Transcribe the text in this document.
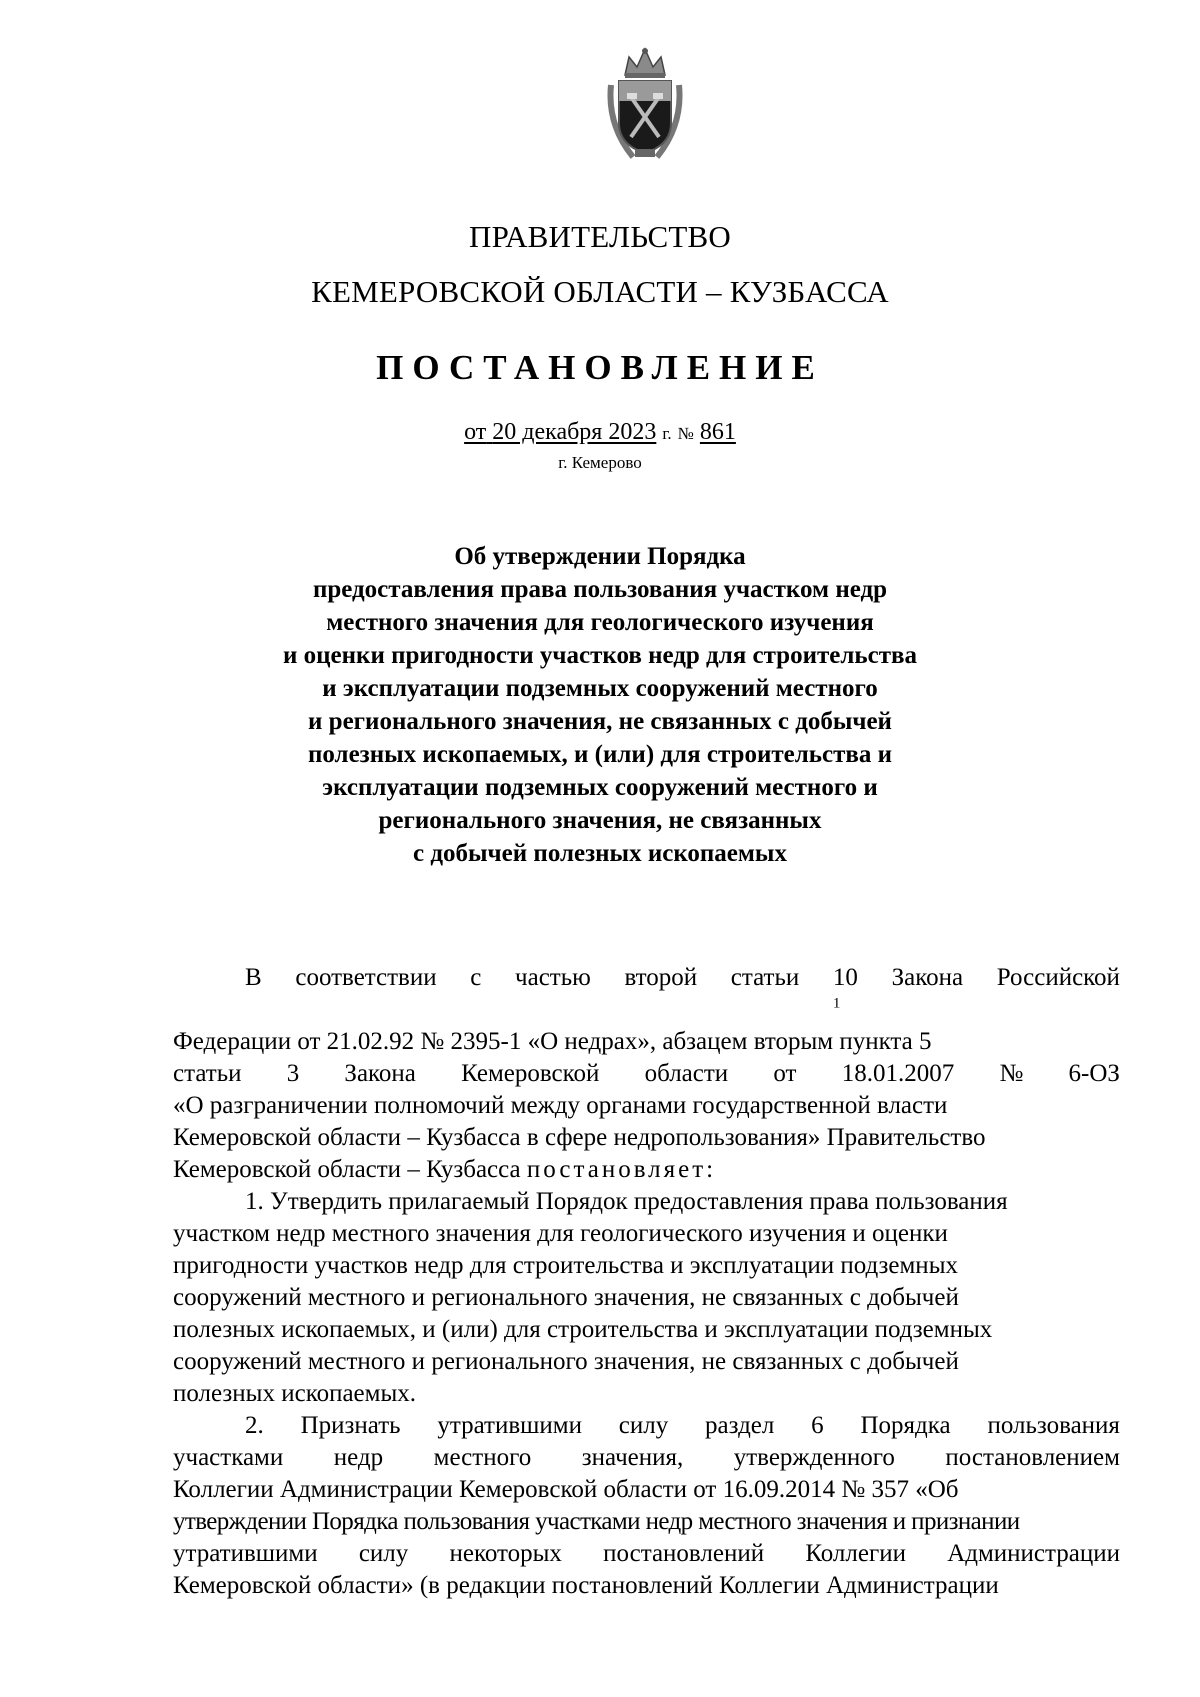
ПРАВИТЕЛЬСТВО
КЕМЕРОВСКОЙ ОБЛАСТИ – КУЗБАССА
ПОСТАНОВЛЕНИЕ
от 20 декабря 2023 г. № 861
г. Кемерово
Об утверждении Порядка
предоставления права пользования участком недр
местного значения для геологического изучения
и оценки пригодности участков недр для строительства
и эксплуатации подземных сооружений местного
и регионального значения, не связанных с добычей
полезных ископаемых, и (или) для строительства и
эксплуатации подземных сооружений местного и
регионального значения, не связанных
с добычей полезных ископаемых
В соответствии с частью второй статьи 10
$^1$
Закона Российской
Федерации от 21.02.92 № 2395-1 «О недрах», абзацем вторым пункта 5
статьи 3 Закона Кемеровской области от 18.01.2007 № 6-ОЗ
«О разграничении полномочий между органами государственной власти
Кемеровской области – Кузбасса в сфере недропользования» Правительство
Кемеровской области – Кузбасса постановляет:
1. Утвердить прилагаемый Порядок предоставления права пользования
участком недр местного значения для геологического изучения и оценки
пригодности участков недр для строительства и эксплуатации подземных
сооружений местного и регионального значения, не связанных с добычей
полезных ископаемых, и (или) для строительства и эксплуатации подземных
сооружений местного и регионального значения, не связанных с добычей
полезных ископаемых.
2. Признать утратившими силу раздел 6 Порядка пользования
участками недр местного значения, утвержденного постановлением
Коллегии Администрации Кемеровской области от 16.09.2014 № 357 «Об
утверждении Порядка пользования участками недр местного значения и признании
утратившими силу некоторых постановлений Коллегии Администрации
Кемеровской области» (в редакции постановлений Коллегии Администрации
